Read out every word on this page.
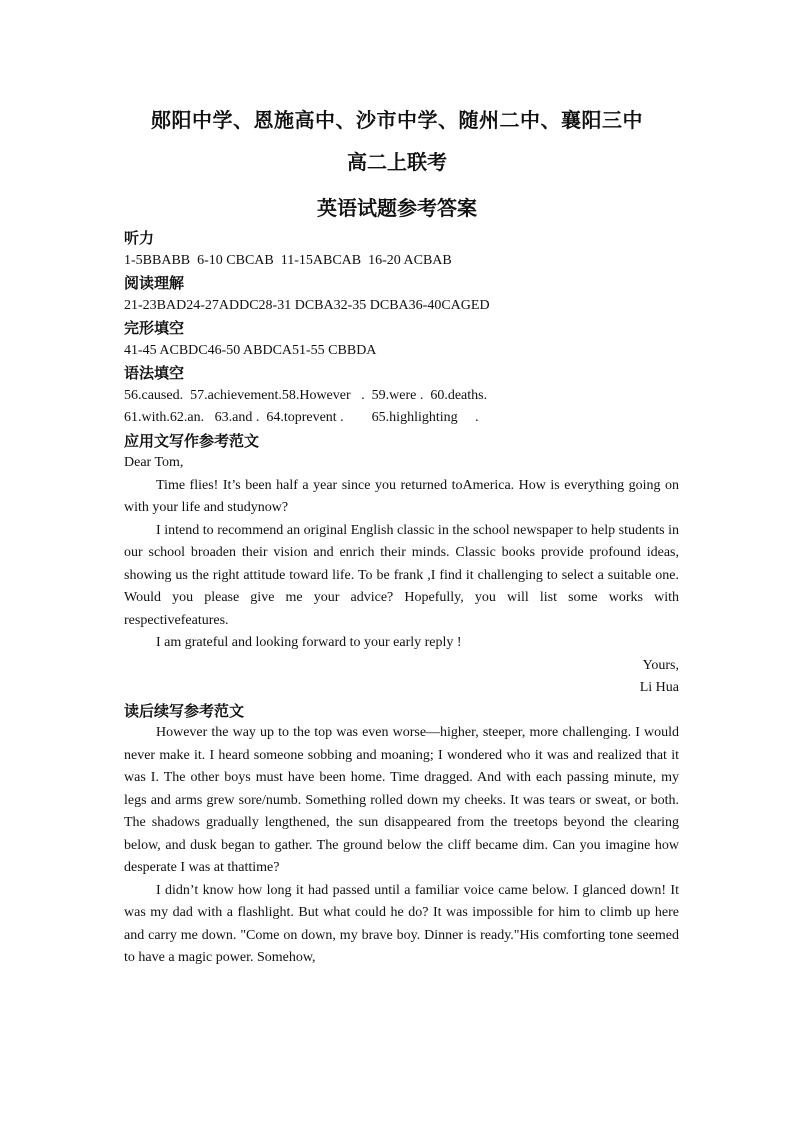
郧阳中学、恩施高中、沙市中学、随州二中、襄阳三中
高二上联考
英语试题参考答案
听力
1-5BBABB  6-10 CBCAB  11-15ABCAB  16-20 ACBAB
阅读理解
21-23BAD24-27ADDC28-31 DCBA32-35 DCBA36-40CAGED
完形填空
41-45 ACBDC46-50 ABDCA51-55 CBBDA
语法填空
56.caused.  57.achievement.58.However   .  59.were .  60.deaths.
61.with.62.an.   63.and .  64.toprevent .        65.highlighting     .
应用文写作参考范文
Dear Tom,

Time flies! It’s been half a year since you returned toAmerica. How is everything going on with your life and studynow?

I intend to recommend an original English classic in the school newspaper to help students in our school broaden their vision and enrich their minds. Classic books provide profound ideas, showing us the right attitude toward life. To be frank ,I find it challenging to select a suitable one. Would you please give me your advice? Hopefully, you will list some works with respectivefeatures.

I am grateful and looking forward to your early reply !

Yours,
Li Hua
读后续写参考范文

However the way up to the top was even worse—higher, steeper, more challenging. I would never make it. I heard someone sobbing and moaning; I wondered who it was and realized that it was I. The other boys must have been home. Time dragged. And with each passing minute, my legs and arms grew sore/numb. Something rolled down my cheeks. It was tears or sweat, or both. The shadows gradually lengthened, the sun disappeared from the treetops beyond the clearing below, and dusk began to gather. The ground below the cliff became dim. Can you imagine how desperate I was at thattime?

I didn’t know how long it had passed until a familiar voice came below. I glanced down! It was my dad with a flashlight. But what could he do? It was impossible for him to climb up here and carry me down. "Come on down, my brave boy. Dinner is ready."His comforting tone seemed to have a magic power. Somehow,
